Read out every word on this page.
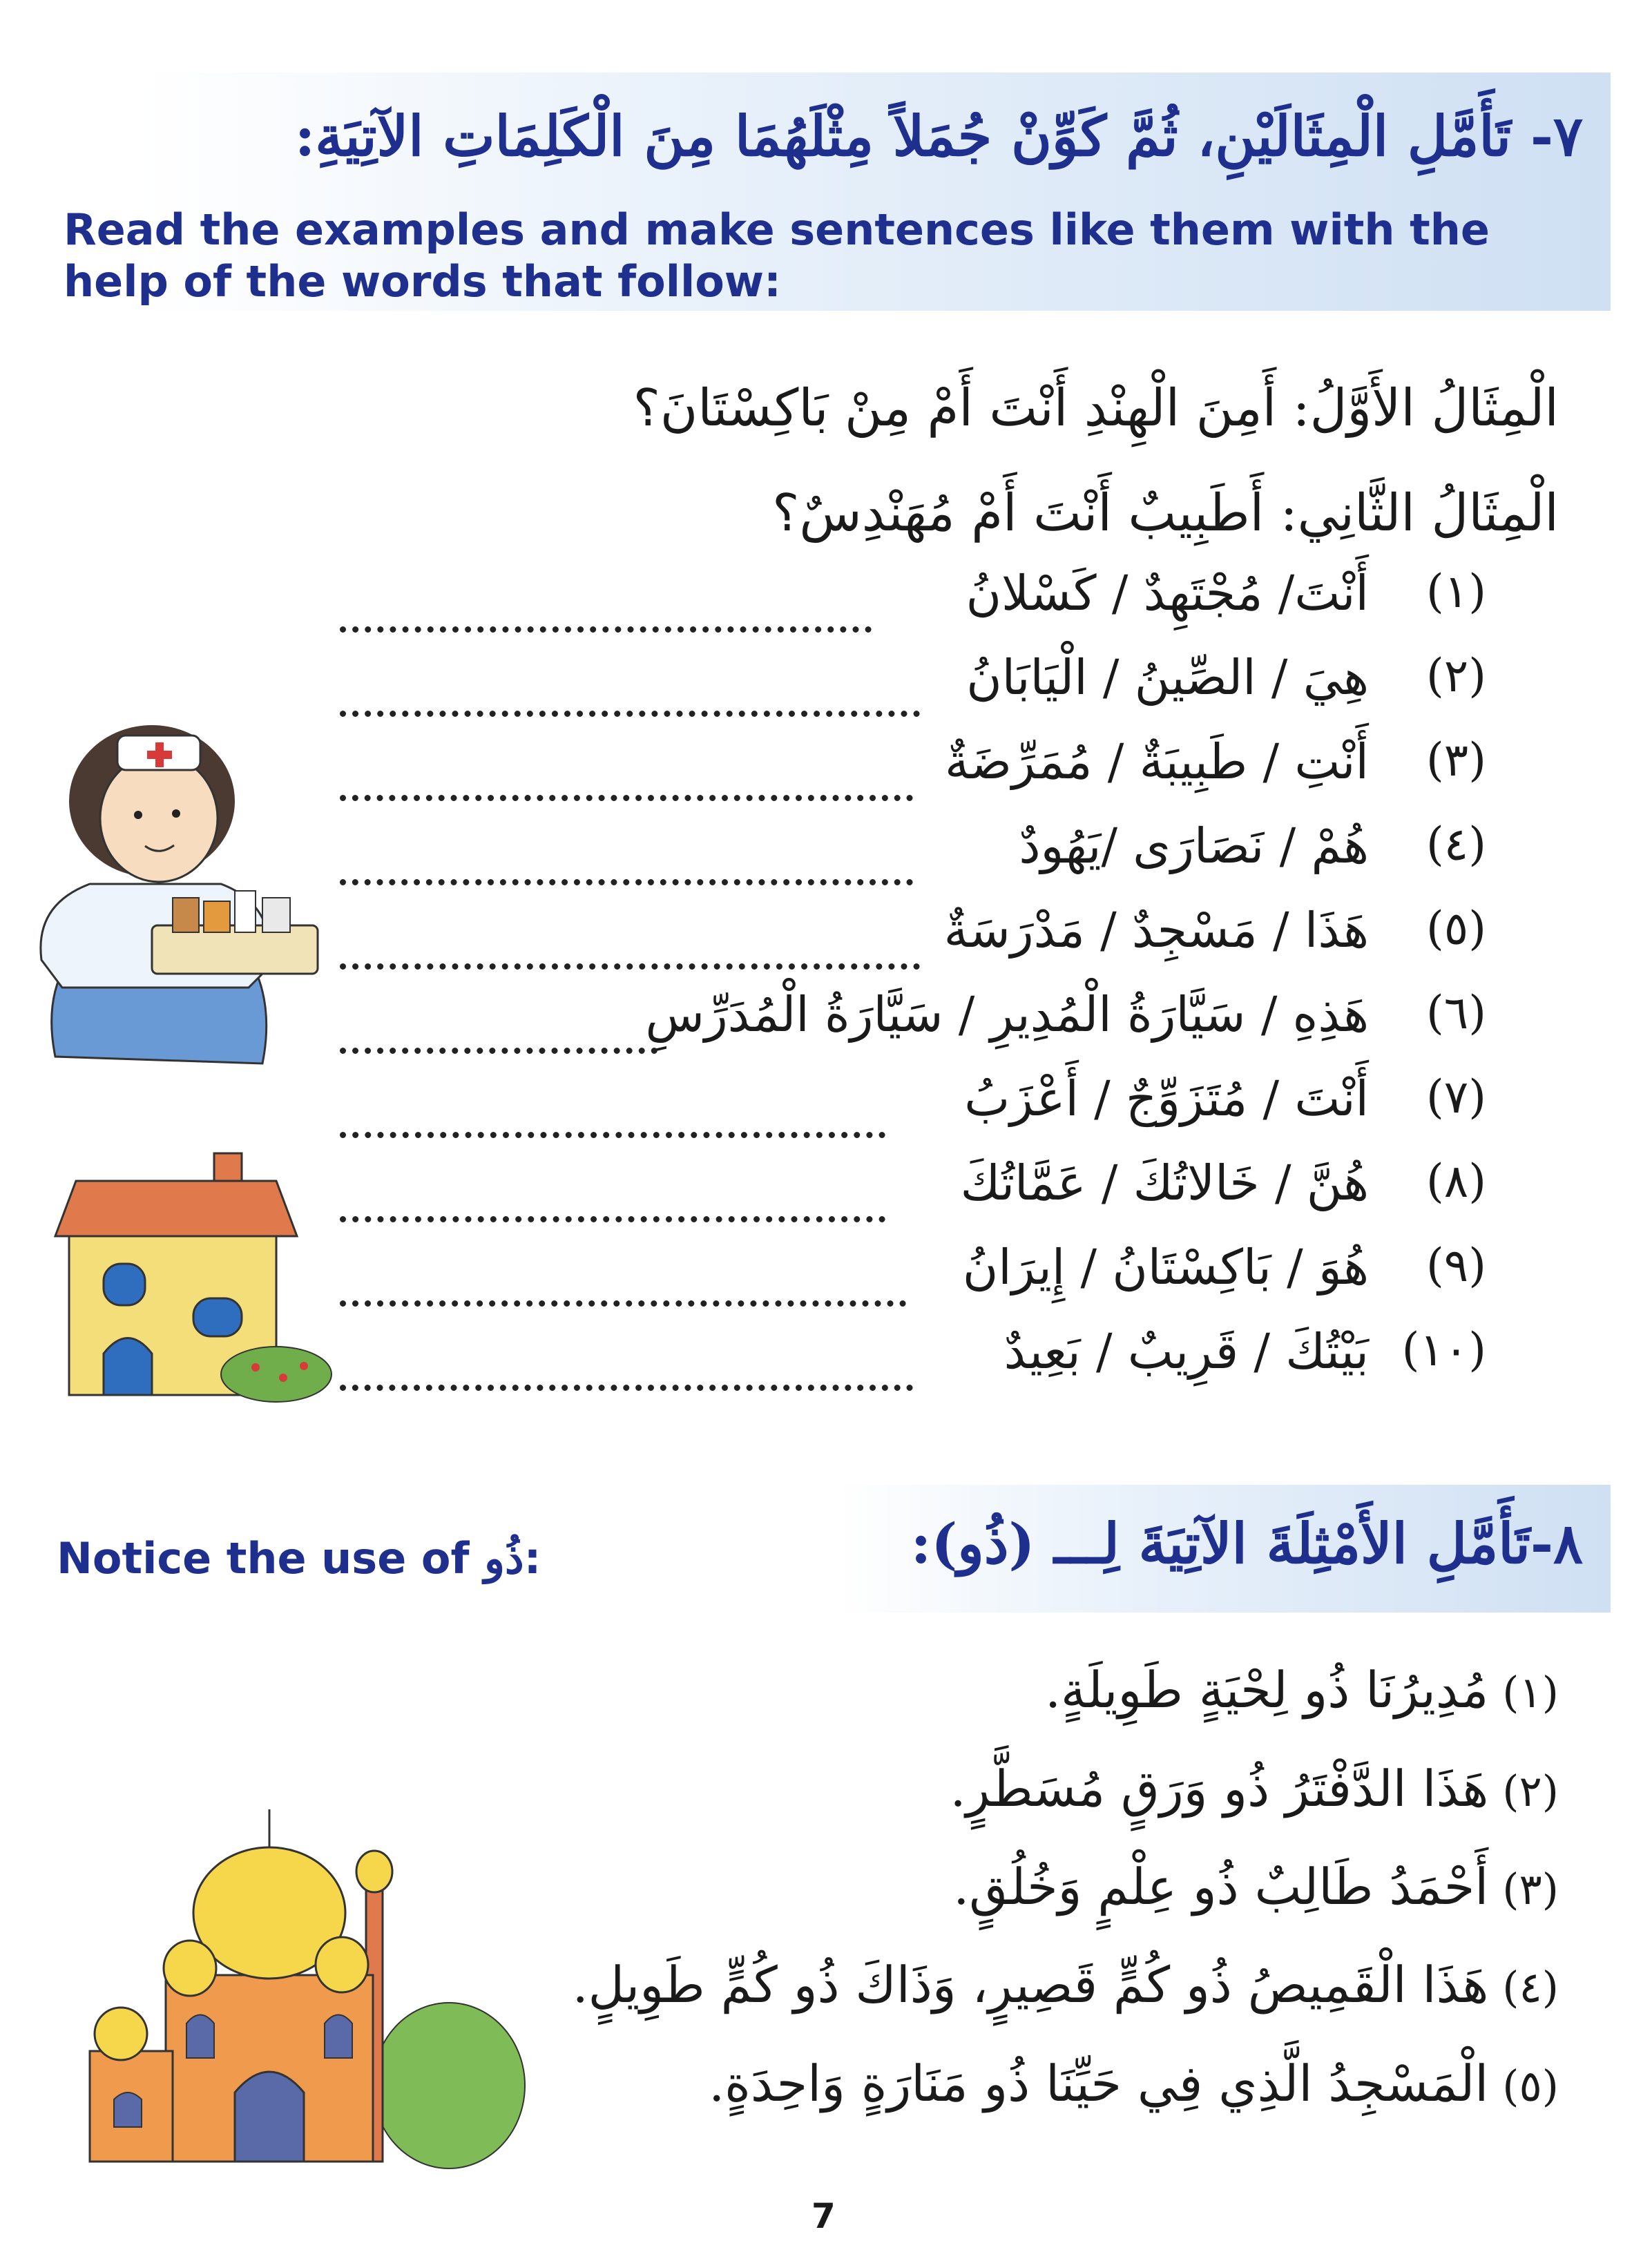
٧- تَأَمَّلِ الْمِثَالَيْنِ، ثُمَّ كَوِّنْ جُمَلاً مِثْلَهُمَا مِنَ الْكَلِمَاتِ الآتِيَةِ:
Read the examples and make sentences like them with the help of the words that follow:
الْمِثَالُ الأَوَّلُ: أَمِنَ الْهِنْدِ أَنْتَ أَمْ مِنْ بَاكِسْتَانَ؟
الْمِثَالُ الثَّانِي: أَطَبِيبٌ أَنْتَ أَمْ مُهَنْدِسٌ؟
(١)
أَنْتَ/ مُجْتَهِدٌ / كَسْلانُ
(٢)
هِيَ / الصِّينُ / الْيَابَانُ
(٣)
أَنْتِ / طَبِيبَةٌ / مُمَرِّضَةٌ
(٤)
هُمْ / نَصَارَى /يَهُودٌ
(٥)
هَذَا / مَسْجِدٌ / مَدْرَسَةٌ
(٦)
هَذِهِ / سَيَّارَةُ الْمُدِيرِ / سَيَّارَةُ الْمُدَرِّسِ
(٧)
أَنْتَ / مُتَزَوِّجٌ / أَعْزَبُ
(٨)
هُنَّ / خَالاتُكَ / عَمَّاتُكَ
(٩)
هُوَ / بَاكِسْتَانُ / إِيرَانُ
(١٠)
بَيْتُكَ / قَرِيبٌ / بَعِيدٌ
٨-تَأَمَّلِ الأَمْثِلَةَ الآتِيَةَ لِـــ (ذُو):
Notice the use of ذُو:
(١)مُدِيرُنَا ذُو لِحْيَةٍ طَوِيلَةٍ.
(٢)هَذَا الدَّفْتَرُ ذُو وَرَقٍ مُسَطَّرٍ.
(٣)أَحْمَدُ طَالِبٌ ذُو عِلْمٍ وَخُلُقٍ.
(٤)هَذَا الْقَمِيصُ ذُو كُمٍّ قَصِيرٍ، وَذَاكَ ذُو كُمٍّ طَوِيلٍ.
(٥)الْمَسْجِدُ الَّذِي فِي حَيِّنَا ذُو مَنَارَةٍ وَاحِدَةٍ.
7
